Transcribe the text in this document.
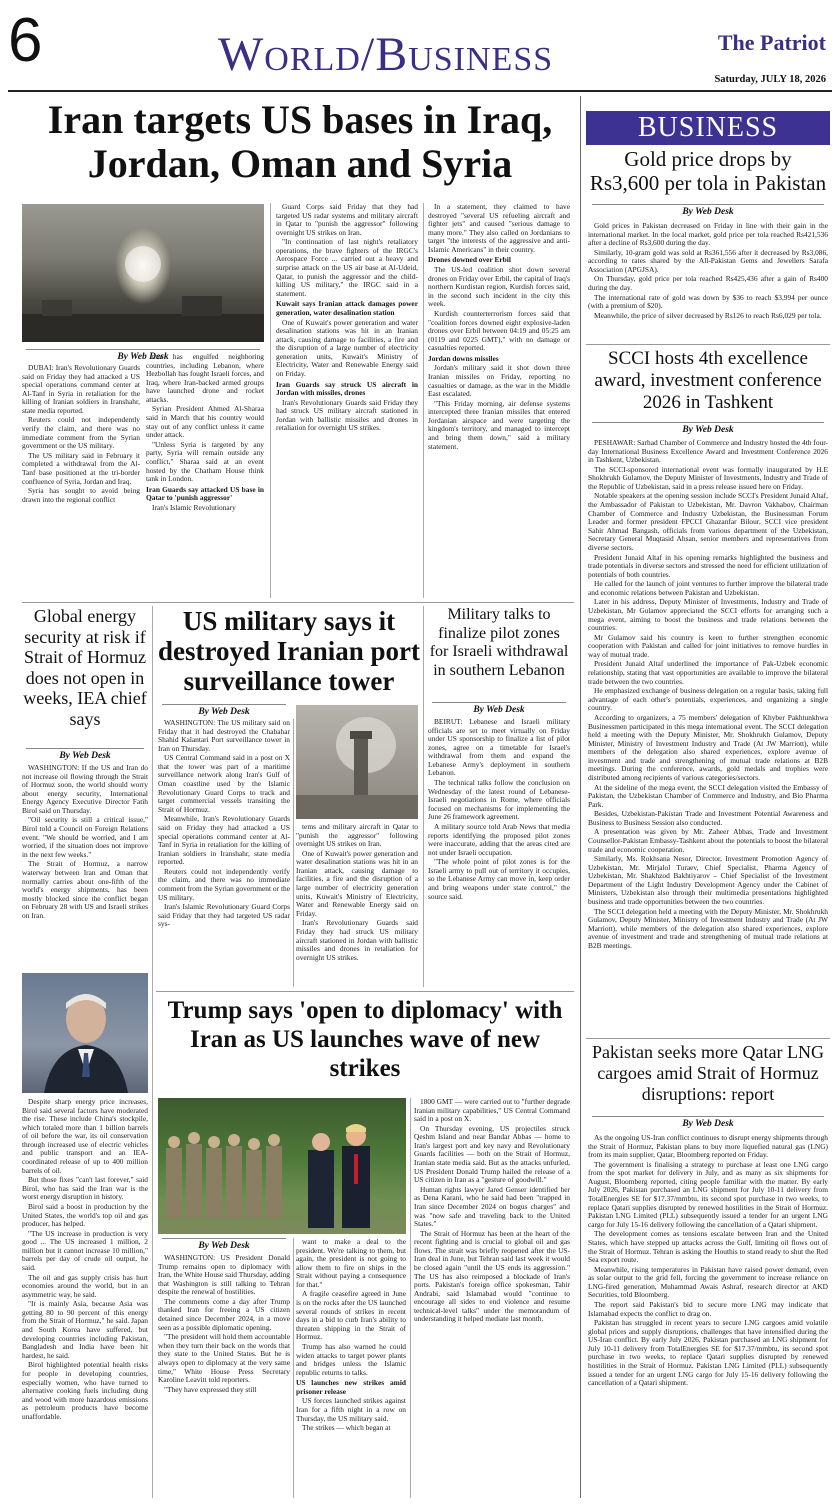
6	World/Business	The Patriot
Saturday, JULY 18, 2026
Iran targets US bases in Iraq, Jordan, Oman and Syria
By Web Desk

DUBAI: Iran's Revolutionary Guards said on Friday they had attacked a US special operations command center at Al-Tanf in Syria in retaliation for the killing of Iranian soldiers in Iranshahr, state media reported.

Reuters could not independently verify the claim, and there was no immediate comment from the Syrian government or the US military.

The US military said in February it completed a withdrawal from the Al-Tanf base positioned at the tri-border confluence of Syria, Jordan and Iraq.

Syria has sought to avoid being drawn into the regional conflict

that has engulfed neighboring countries, including Lebanon, where Hezbollah has fought Israeli forces, and Iraq, where Iran-backed armed groups have launched drone and rocket attacks.

Syrian President Ahmed Al-Sharaa said in March that his country would stay out of any conflict unless it came under attack.

"Unless Syria is targeted by any party, Syria will remain outside any conflict," Sharaa said at an event hosted by the Chatham House think tank in London.

Iran Guards say attacked US base in Qatar to 'punish aggressor'

Iran's Islamic Revolutionary

Guard Corps said Friday that they had targeted US radar systems and military aircraft in Qatar to "punish the aggressor" following overnight US strikes on Iran.

"In continuation of last night's retaliatory operations, the brave fighters of the IRGC's Aerospace Force ... carried out a heavy and surprise attack on the US air base at Al-Udeid, Qatar, to punish the aggressor and the child-killing US military," the IRGC said in a statement.

Kuwait says Iranian attack damages power generation, water desalination station

One of Kuwait's power generation and water desalination stations was hit in an Iranian attack, causing damage to facilities, a fire and the disruption of a large number of electricity generation units, Kuwait's Ministry of Electricity, Water and Renewable Energy said on Friday.

Iran Guards say struck US aircraft in Jordan with missiles, drones

Iran's Revolutionary Guards said Friday they had struck US military aircraft stationed in Jordan with ballistic missiles and drones in retaliation for overnight US strikes.

In a statement, they claimed to have destroyed "several US refueling aircraft and fighter jets" and caused "serious damage to many more." They also called on Jordanians to target "the interests of the aggressive and anti-Islamic Americans" in their country.

Drones downed over Erbil

The US-led coalition shot down several drones on Friday over Erbil, the capital of Iraq's northern Kurdistan region, Kurdish forces said, in the second such incident in the city this week.

Kurdish counterterrorism forces said that "coalition forces downed eight explosive-laden drones over Erbil between 04:19 and 05:25 am (0119 and 0225 GMT)," with no damage or casualties reported.

Jordan downs missiles

Jordan's military said it shot down three Iranian missiles on Friday, reporting no casualties or damage, as the war in the Middle East escalated.

"This Friday morning, air defense systems intercepted three Iranian missiles that entered Jordanian airspace and were targeting the kingdom's territory, and managed to intercept and bring them down," said a military statement.

Global energy security at risk if Strait of Hormuz does not open in weeks, IEA chief says
By Web Desk

WASHINGTON: If the US and Iran do not increase oil flowing through the Strait of Hormuz soon, the world should worry about energy security, International Energy Agency Executive Director Fatih Birol said on Thursday.

"Oil security is still a critical issue," Birol told a Council on Foreign Relations event. "We should be worried, and I am worried, if the situation does not improve in the next few weeks."

The Strait of Hormuz, a narrow waterway between Iran and Oman that normally carries about one-fifth of the world's energy shipments, has been mostly blocked since the conflict began on February 28 with US and Israeli strikes on Iran.

Despite sharp energy price increases, Birol said several factors have moderated the rise. These include China's stockpile, which totaled more than 1 billion barrels of oil before the war, its oil conservation through increased use of electric vehicles and public transport and an IEA-coordinated release of up to 400 million barrels of oil.

But those fixes "can't last forever," said Birol, who has said the Iran war is the worst energy disruption in history.

Birol said a boost in production by the United States, the world's top oil and gas producer, has helped.

"The US increase in production is very good ... The US increased 1 million, 2 million but it cannot increase 10 million," barrels per day of crude oil output, he said.

The oil and gas supply crisis has hurt economies around the world, but in an asymmetric way, he said.

"It is mainly Asia, because Asia was getting 80 to 90 percent of this energy from the Strait of Hormuz," he said. Japan and South Korea have suffered, but developing countries including Pakistan, Bangladesh and India have been hit hardest, he said.

Birol highlighted potential health risks for people in developing countries, especially women, who have turned to alternative cooking fuels including dung and wood with more hazardous emissions as petroleum products have become unaffordable.

US military says it destroyed Iranian port surveillance tower
By Web Desk

WASHINGTON: The US military said on Friday that it had destroyed the Chabahar Shahid Kalantari Port surveillance tower in Iran on Thursday.

US Central Command said in a post on X that the tower was part of a maritime surveillance network along Iran's Gulf of Oman coastline used by the Islamic Revolutionary Guard Corps to track and target commercial vessels transiting the Strait of Hormuz.

Meanwhile, Iran's Revolutionary Guards said on Friday they had attacked a US special operations command center at Al-Tanf in Syria in retaliation for the killing of Iranian soldiers in Iranshahr, state media reported.

Reuters could not independently verify the claim, and there was no immediate comment from the Syrian government or the US military.

Iran's Islamic Revolutionary Guard Corps said Friday that they had targeted US radar sys-

tems and military aircraft in Qatar to "punish the aggressor" following overnight US strikes on Iran.

One of Kuwait's power generation and water desalination stations was hit in an Iranian attack, causing damage to facilities, a fire and the disruption of a large number of electricity generation units, Kuwait's Ministry of Electricity, Water and Renewable Energy said on Friday.

Iran's Revolutionary Guards said Friday they had struck US military aircraft stationed in Jordan with ballistic missiles and drones in retaliation for overnight US strikes.

Military talks to finalize pilot zones for Israeli withdrawal in southern Lebanon
By Web Desk

BEIRUT: Lebanese and Israeli military officials are set to meet virtually on Friday under US sponsorship to finalize a list of pilot zones, agree on a timetable for Israel's withdrawal from them and expand the Lebanese Army's deployment in southern Lebanon.

The technical talks follow the conclusion on Wednesday of the latest round of Lebanese-Israeli negotiations in Rome, where officials focused on mechanisms for implementing the June 26 framework agreement.

A military source told Arab News that media reports identifying the proposed pilot zones were inaccurate, adding that the areas cited are not under Israeli occupation.

"The whole point of pilot zones is for the Israeli army to pull out of territory it occupies, so the Lebanese Army can move in, keep order and bring weapons under state control," the source said.

Trump says 'open to diplomacy' with Iran as US launches wave of new strikes
By Web Desk

WASHINGTON: US President Donald Trump remains open to diplomacy with Iran, the White House said Thursday, adding that Washington is still talking to Tehran despite the renewal of hostilities.

The comments come a day after Trump thanked Iran for freeing a US citizen detained since December 2024, in a move seen as a possible diplomatic opening.

"The president will hold them accountable when they turn their back on the words that they state to the United States. But he is always open to diplomacy at the very same time," White House Press Secretary Karoline Leavitt told reporters.

"They have expressed they still

want to make a deal to the president. We're talking to them, but again, the president is not going to allow them to fire on ships in the Strait without paying a consequence for that."

A fragile ceasefire agreed in June is on the rocks after the US launched several rounds of strikes in recent days in a bid to curb Iran's ability to threaten shipping in the Strait of Hormuz.

Trump has also warned he could widen attacks to target power plants and bridges unless the Islamic republic returns to talks.

US launches new strikes amid prisoner release

US forces launched strikes against Iran for a fifth night in a row on Thursday, the US military said.

The strikes — which began at

1800 GMT — were carried out to "further degrade Iranian military capabilities," US Central Command said in a post on X.

On Thursday evening, US projectiles struck Qeshm Island and near Bandar Abbas — home to Iran's largest port and key navy and Revolutionary Guards facilities — both on the Strait of Hormuz, Iranian state media said. But as the attacks unfurled, US President Donald Trump hailed the release of a US citizen in Iran as a "gesture of goodwill."

Human rights lawyer Jared Genser identified her as Dena Karani, who he said had been "trapped in Iran since December 2024 on bogus charges" and was "now safe and traveling back to the United States."

The Strait of Hormuz has been at the heart of the recent fighting and is crucial to global oil and gas flows. The strait was briefly reopened after the US-Iran deal in June, but Tehran said last week it would be closed again "until the US ends its aggression." The US has also reimposed a blockade of Iran's ports. Pakistan's foreign office spokesman, Tahir Andrabi, said Islamabad would "continue to encourage all sides to end violence and resume technical-level talks" under the memorandum of understanding it helped mediate last month.

BUSINESS
Gold price drops by Rs3,600 per tola in Pakistan
By Web Desk

Gold prices in Pakistan decreased on Friday in line with their gain in the international market. In the local market, gold price per tola reached Rs421,536 after a decline of Rs3,600 during the day.

Similarly, 10-gram gold was sold at Rs361,556 after it decreased by Rs3,086, according to rates shared by the All-Pakistan Gems and Jewellers Sarafa Association (APGJSA).

On Thursday, gold price per tola reached Rs425,436 after a gain of Rs400 during the day.

The international rate of gold was down by $36 to reach $3,994 per ounce (with a premium of $20).

Meanwhile, the price of silver decreased by Rs126 to reach Rs6,029 per tola.

SCCI hosts 4th excellence award, investment conference 2026 in Tashkent
By Web Desk

PESHAWAR: Sarhad Chamber of Commerce and Industry hosted the 4th four-day International Business Excellence Award and Investment Conference 2026 in Tashkent, Uzbekistan.

The SCCI-sponsored international event was formally inaugurated by H.E Shokhrukh Gulamov, the Deputy Minister of Investments, Industry and Trade of the Republic of Uzbekistan, said in a press release issued here on Friday.

Notable speakers at the opening session include SCCI's President Junaid Altaf, the Ambassador of Pakistan to Uzbekistan, Mr. Davron Vakhabov, Chairman Chamber of Commerce and Industry Uzbekistan, the Businessman Forum Leader and former president FPCCI Ghazanfar Bilour, SCCI vice president Sahir Ahmad Bangash, officials from various department of the Uzbekistan, Secretary General Muqtasid Ahsan, senior members and representatives from diverse sectors.

President Junaid Altaf in his opening remarks highlighted the business and trade potentials in diverse sectors and stressed the need for efficient utilization of potentials of both countries.

He called for the launch of joint ventures to further improve the bilateral trade and economic relations between Pakistan and Uzbekistan.

Later in his address, Deputy Minister of Investments, Industry and Trade of Uzbekistan, Mr Gulamov appreciated the SCCI efforts for arranging such a mega event, aiming to boost the business and trade relations between the countries.

Mr Gulamov said his country is keen to further strengthen economic cooperation with Pakistan and called for joint initiatives to remove hurdles in way of mutual trade.

President Junaid Altaf underlined the importance of Pak-Uzbek economic relationship, stating that vast opportunities are available to improve the bilateral trade between the two countries.

He emphasized exchange of business delegation on a regular basis, taking full advantage of each other's potentials, experiences, and organizing a single country.

According to organizers, a 75 members' delegation of Khyber Pakhtunkhwa Businessmen participated in this mega international event. The SCCI delegation held a meeting with the Deputy Minister, Mr. Shokhrukh Gulamov, Deputy Minister, Ministry of Investment Industry and Trade (At JW Marriott), while members of the delegation also shared experiences, explore avenue of investment and trade and strengthening of mutual trade relations at B2B meetings. During the conference, awards, gold medals and trophies were distributed among recipients of various categories/sectors.

At the sideline of the mega event, the SCCI delegation visited the Embassy of Pakistan, the Uzbekistan Chamber of Commerce and Industry, and Bio Pharma Park.

Besides, Uzbekistan-Pakistan Trade and Investment Potential Awareness and Business to Business Session also conducted.

A presentation was given by Mr. Zaheer Abbas, Trade and Investment Counsellor-Pakistan Embassy-Tashkent about the potentials to boost the bilateral trade and economic cooperation.

Similarly, Ms. Rokhsana Nesor, Director, Investment Promotion Agency of Uzbekistan, Mr. Mirjalol Turaev, Chief Specialist, Pharma Agency of Uzbekistan, Mr. Shakhzod Bakhtiyarov – Chief Specialist of the Investment Department of the Light Industry Development Agency under the Cabinet of Ministers, Uzbekistan also through their multimedia presentations highlighted business and trade opportunities between the two countries.

The SCCI delegation held a meeting with the Deputy Minister, Mr. Shokhrukh Gulamov, Deputy Minister, Ministry of Investment Industry and Trade (At JW Marriott), while members of the delegation also shared experiences, explore avenue of investment and trade and strengthening of mutual trade relations at B2B meetings.

Pakistan seeks more Qatar LNG cargoes amid Strait of Hormuz disruptions: report
By Web Desk

As the ongoing US-Iran conflict continues to disrupt energy shipments through the Strait of Hormuz, Pakistan plans to buy more liquefied natural gas (LNG) from its main supplier, Qatar, Bloomberg reported on Friday.

The government is finalising a strategy to purchase at least one LNG cargo from the spot market for delivery in July, and as many as six shipments for August, Bloomberg reported, citing people familiar with the matter. By early July 2026, Pakistan purchased an LNG shipment for July 10-11 delivery from TotalEnergies SE for $17.37/mmbtu, its second spot purchase in two weeks, to replace Qatari supplies disrupted by renewed hostilities in the Strait of Hormuz. Pakistan LNG Limited (PLL) subsequently issued a tender for an urgent LNG cargo for July 15-16 delivery following the cancellation of a Qatari shipment.

The development comes as tensions escalate between Iran and the United States, which have stepped up attacks across the Gulf, limiting oil flows out of the Strait of Hormuz. Tehran is asking the Houthis to stand ready to shut the Red Sea export route.

Meanwhile, rising temperatures in Pakistan have raised power demand, even as solar output to the grid fell, forcing the government to increase reliance on LNG-fired generation, Muhammad Awais Ashraf, research director at AKD Securities, told Bloomberg.

The report said Pakistan's bid to secure more LNG may indicate that Islamabad expects the conflict to drag on.

Pakistan has struggled in recent years to secure LNG cargoes amid volatile global prices and supply disruptions, challenges that have intensified during the US-Iran conflict. By early July 2026, Pakistan purchased an LNG shipment for July 10-11 delivery from TotalEnergies SE for $17.37/mmbtu, its second spot purchase in two weeks, to replace Qatari supplies disrupted by renewed hostilities in the Strait of Hormuz. Pakistan LNG Limited (PLL) subsequently issued a tender for an urgent LNG cargo for July 15-16 delivery following the cancellation of a Qatari shipment.
